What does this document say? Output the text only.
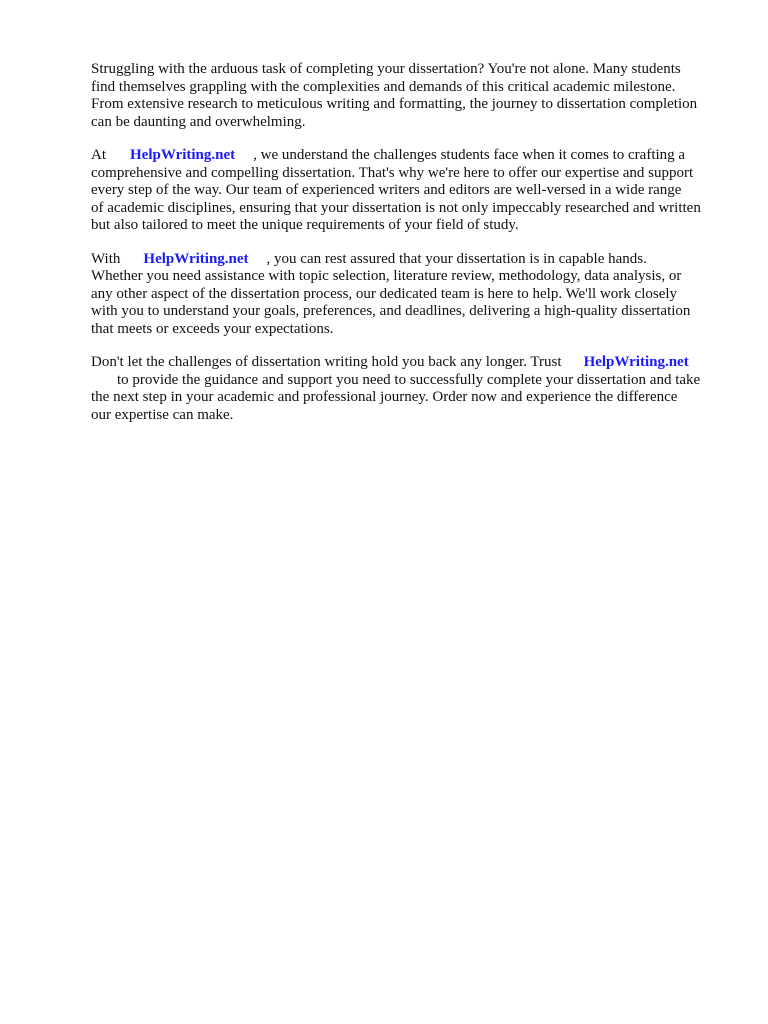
Struggling with the arduous task of completing your dissertation? You're not alone. Many students
find themselves grappling with the complexities and demands of this critical academic milestone.
From extensive research to meticulous writing and formatting, the journey to dissertation completion
can be daunting and overwhelming.

At HelpWriting.net , we understand the challenges students face when it comes to crafting a
comprehensive and compelling dissertation. That's why we're here to offer our expertise and support
every step of the way. Our team of experienced writers and editors are well-versed in a wide range
of academic disciplines, ensuring that your dissertation is not only impeccably researched and written
but also tailored to meet the unique requirements of your field of study.

With HelpWriting.net , you can rest assured that your dissertation is in capable hands.
Whether you need assistance with topic selection, literature review, methodology, data analysis, or
any other aspect of the dissertation process, our dedicated team is here to help. We'll work closely
with you to understand your goals, preferences, and deadlines, delivering a high-quality dissertation
that meets or exceeds your expectations.

Don't let the challenges of dissertation writing hold you back any longer. Trust HelpWriting.net
to provide the guidance and support you need to successfully complete your dissertation and take
the next step in your academic and professional journey. Order now and experience the difference
our expertise can make.
